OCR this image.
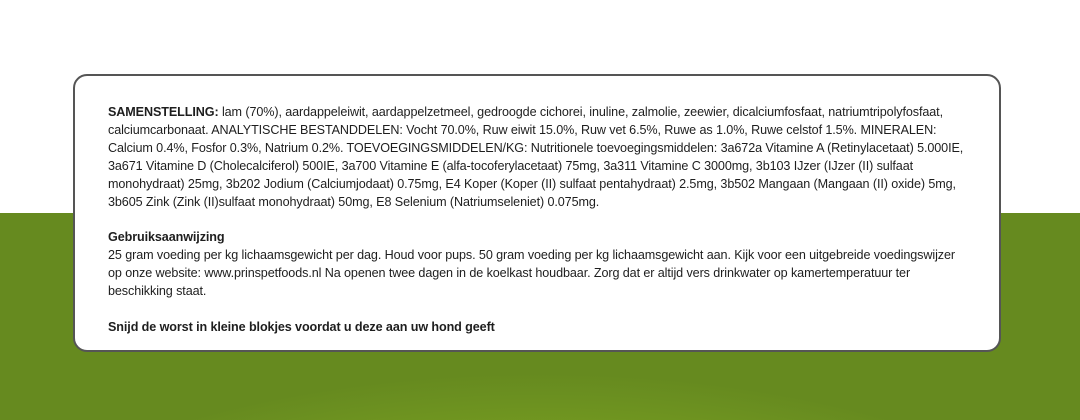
SAMENSTELLING: lam (70%), aardappeleiwit, aardappelzetmeel, gedroogde cichorei, inuline, zalmolie, zeewier, dicalciumfosfaat, natriumtripolyfosfaat, calciumcarbonaat. ANALYTISCHE BESTANDDELEN: Vocht 70.0%, Ruw eiwit 15.0%, Ruw vet 6.5%, Ruwe as 1.0%, Ruwe celstof 1.5%. MINERALEN: Calcium 0.4%, Fosfor 0.3%, Natrium 0.2%. TOEVOEGINGSMIDDELEN/KG: Nutritionele toevoegingsmiddelen: 3a672a Vitamine A (Retinylacetaat) 5.000IE, 3a671 Vitamine D (Cholecalciferol) 500IE, 3a700 Vitamine E (alfa-tocoferylacetaat) 75mg, 3a311 Vitamine C 3000mg, 3b103 IJzer (IJzer (II) sulfaat monohydraat) 25mg, 3b202 Jodium (Calciumjodaat) 0.75mg, E4 Koper (Koper (II) sulfaat pentahydraat) 2.5mg, 3b502 Mangaan (Mangaan (II) oxide) 5mg, 3b605 Zink (Zink (II)sulfaat monohydraat) 50mg, E8 Selenium (Natriumseleniet) 0.075mg.

Gebruiksaanwijzing

25 gram voeding per kg lichaamsgewicht per dag. Houd voor pups. 50 gram voeding per kg lichaamsgewicht aan. Kijk voor een uitgebreide voedingswijzer op onze website: www.prinspetfoods.nl Na openen twee dagen in de koelkast houdbaar. Zorg dat er altijd vers drinkwater op kamertemperatuur ter beschikking staat.

Snijd de worst in kleine blokjes voordat u deze aan uw hond geeft
